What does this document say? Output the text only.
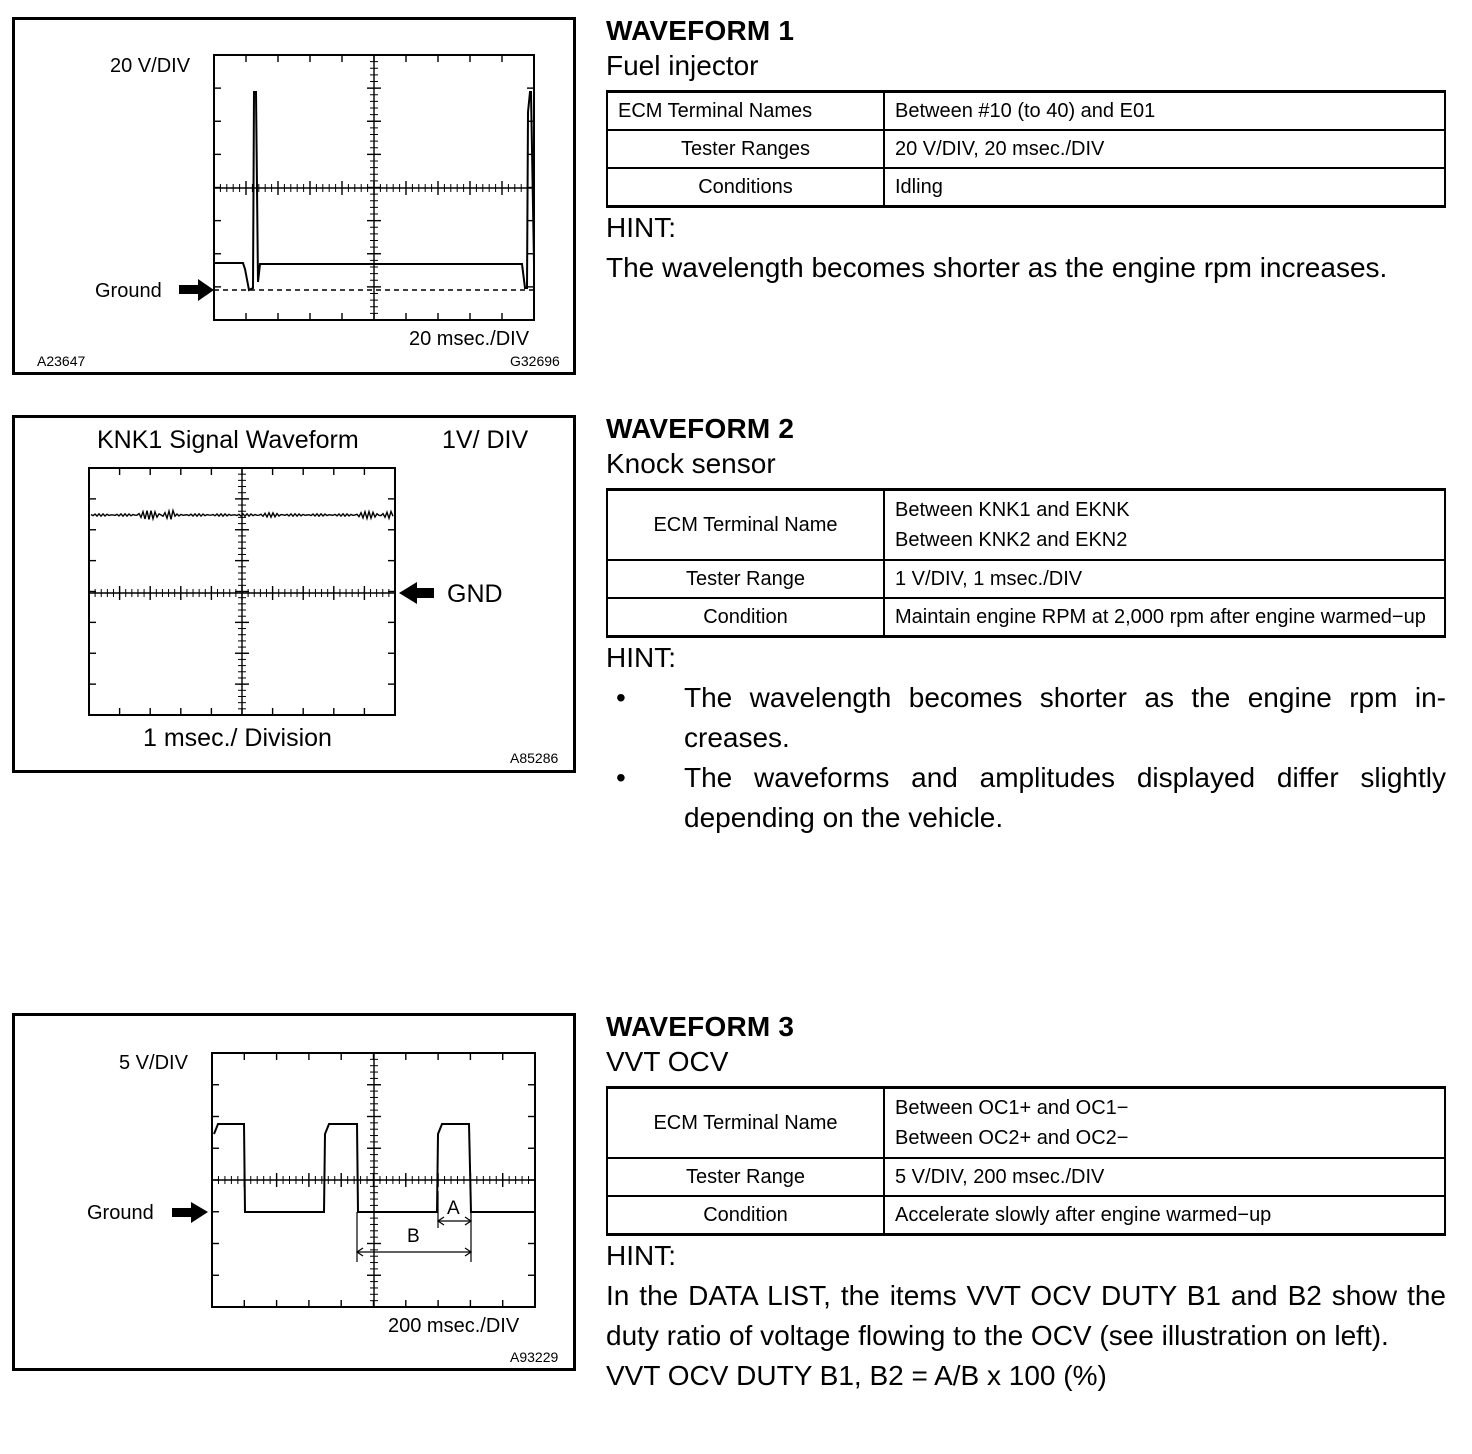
20 V/DIV
Ground
20 msec./DIV
A23647	G32696

WAVEFORM 1

Fuel injector

ECM Terminal Names	Between #10 (to 40) and E01
Tester Ranges	20 V/DIV, 20 msec./DIV
Conditions	Idling

HINT:

The wavelength becomes shorter as the engine rpm increases.

KNK1 Signal Waveform	1V/ DIV
GND
1 msec./ Division
A85286

WAVEFORM 2

Knock sensor

ECM Terminal Name	Between KNK1 and EKNK
Between KNK2 and EKN2

Tester Range	1 V/DIV, 1 msec./DIV
Condition	Maintain engine RPM at 2,000 rpm after engine warmed−up

HINT:

• The wavelength becomes shorter as the engine rpm in-creases.
• The waveforms and amplitudes displayed differ slightly depending on the vehicle.
5 V/DIV
A
B
Ground
200 msec./DIV
A93229

WAVEFORM 3

VVT OCV

ECM Terminal Name	Between OC1+ and OC1−
Between OC2+ and OC2−

Tester Range	5 V/DIV, 200 msec./DIV
Condition	Accelerate slowly after engine warmed−up

HINT:

In the DATA LIST, the items VVT OCV DUTY B1 and B2 show the duty ratio of voltage flowing to the OCV (see illustration on left).

VVT OCV DUTY B1, B2 = A/B x 100 (%)
